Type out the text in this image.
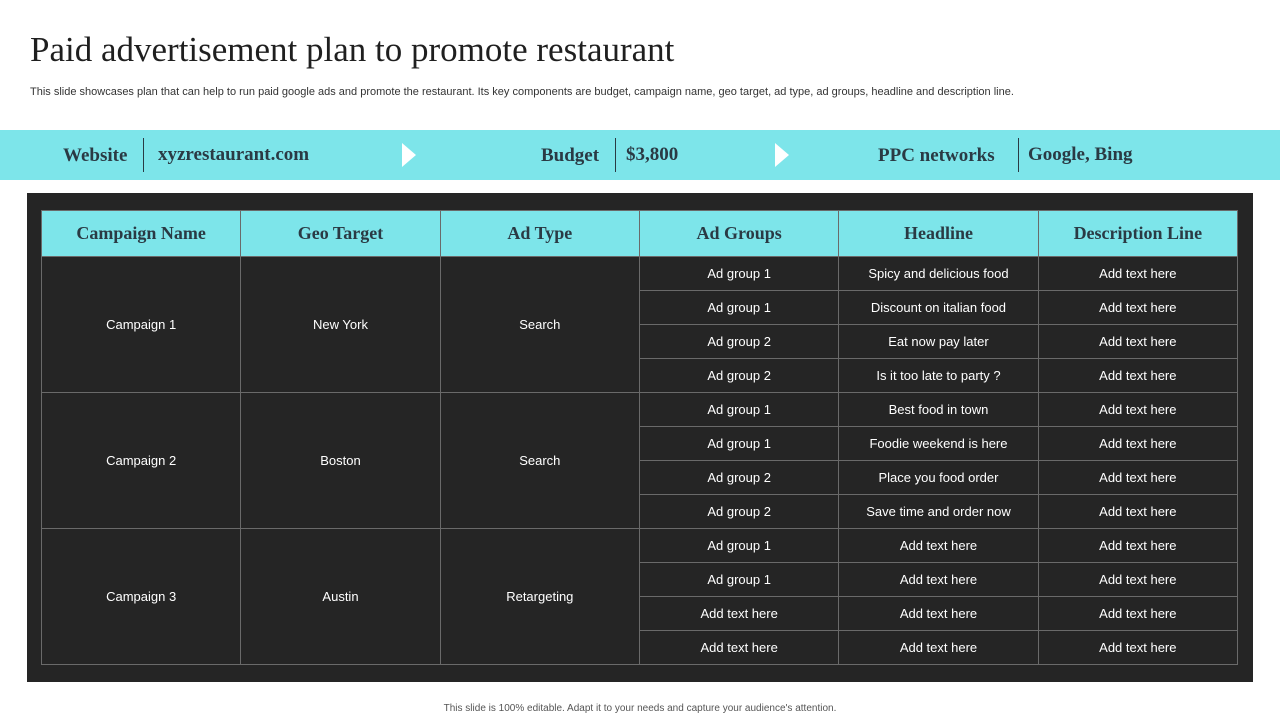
Paid advertisement plan to promote restaurant
This slide showcases plan that can help to run paid google ads and promote the restaurant. Its key components are budget, campaign name, geo target, ad type, ad groups, headline and description line.
Website xyzrestaurant.com	Budget $3,800	PPC networks Google, Bing
Campaign Name	Geo Target	Ad Type	Ad Groups	Headline	Description Line
Campaign 1	New York	Search	Ad group 1	Spicy and delicious food	Add text here
			Ad group 1	Discount on italian food	Add text here
			Ad group 2	Eat now pay later	Add text here
			Ad group 2	Is it too late to party ?	Add text here
Campaign 2	Boston	Search	Ad group 1	Best food in town	Add text here
			Ad group 1	Foodie weekend is here	Add text here
			Ad group 2	Place you food order	Add text here
			Ad group 2	Save time and order now	Add text here
Campaign 3	Austin	Retargeting	Ad group 1	Add text here	Add text here
			Ad group 1	Add text here	Add text here
			Add text here	Add text here	Add text here
			Add text here	Add text here	Add text here
This slide is 100% editable. Adapt it to your needs and capture your audience's attention.
